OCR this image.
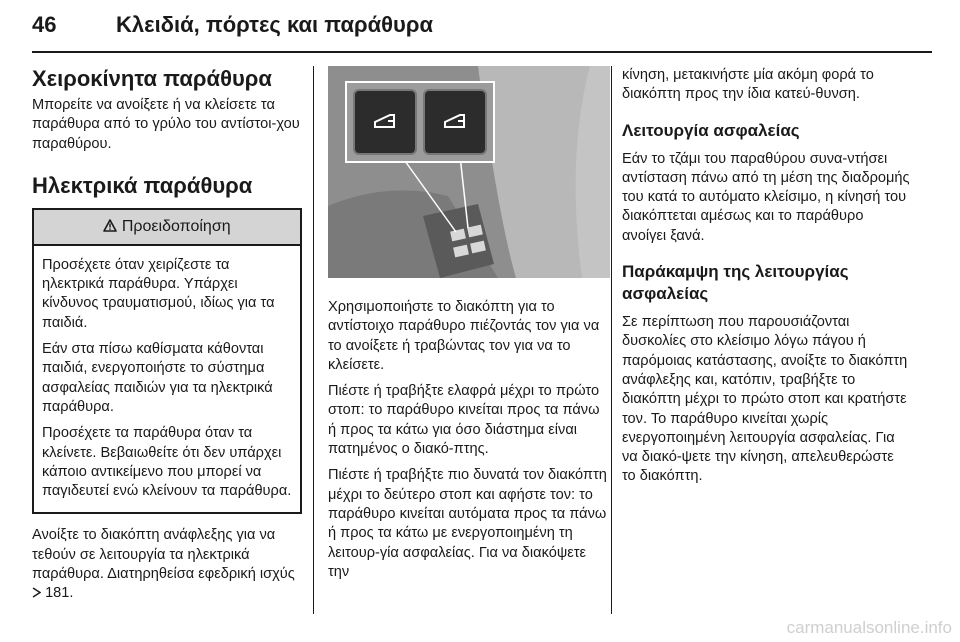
46	Κλειδιά, πόρτες και παράθυρα
Χειροκίνητα παράθυρα

Μπορείτε να ανοίξετε ή να κλείσετε τα παράθυρα από το γρύλο του αντίστοι-χου παραθύρου.

Ηλεκτρικά παράθυρα
Προειδοποίηση

Προσέχετε όταν χειρίζεστε τα ηλεκτρικά παράθυρα. Υπάρχει κίνδυνος τραυματισμού, ιδίως για τα παιδιά.

Εάν στα πίσω καθίσματα κάθονται παιδιά, ενεργοποιήστε το σύστημα ασφαλείας παιδιών για τα ηλεκτρικά παράθυρα.

Προσέχετε τα παράθυρα όταν τα κλείνετε. Βεβαιωθείτε ότι δεν υπάρχει κάποιο αντικείμενο που μπορεί να παγιδευτεί ενώ κλείνουν τα παράθυρα.

Ανοίξτε το διακόπτη ανάφλεξης για να τεθούν σε λειτουργία τα ηλεκτρικά παράθυρα. Διατηρηθείσα εφεδρική ισχύς  181.

Χρησιμοποιήστε το διακόπτη για το αντίστοιχο παράθυρο πιέζοντάς τον για να το ανοίξετε ή τραβώντας τον για να το κλείσετε.

Πιέστε ή τραβήξτε ελαφρά μέχρι το πρώτο στοπ: το παράθυρο κινείται προς τα πάνω ή προς τα κάτω για όσο διάστημα είναι πατημένος ο διακό-πτης.

Πιέστε ή τραβήξτε πιο δυνατά τον διακόπτη μέχρι το δεύτερο στοπ και αφήστε τον: το παράθυρο κινείται αυτόματα προς τα πάνω ή προς τα κάτω με ενεργοποιημένη τη λειτουρ-γία ασφαλείας. Για να διακόψετε την

κίνηση, μετακινήστε μία ακόμη φορά το διακόπτη προς την ίδια κατεύ-θυνση.

Λειτουργία ασφαλείας

Εάν το τζάμι του παραθύρου συνα-ντήσει αντίσταση πάνω από τη μέση της διαδρομής του κατά το αυτόματο κλείσιμο, η κίνησή του διακόπτεται αμέσως και το παράθυρο ανοίγει ξανά.

Παράκαμψη της λειτουργίας ασφαλείας

Σε περίπτωση που παρουσιάζονται δυσκολίες στο κλείσιμο λόγω πάγου ή παρόμοιας κατάστασης, ανοίξτε το διακόπτη ανάφλεξης και, κατόπιν, τραβήξτε το διακόπτη μέχρι το πρώτο στοπ και κρατήστε τον. Το παράθυρο κινείται χωρίς ενεργοποιημένη λειτουργία ασφαλείας. Για να διακό-ψετε την κίνηση, απελευθερώστε το διακόπτη.

carmanualsonline.info
